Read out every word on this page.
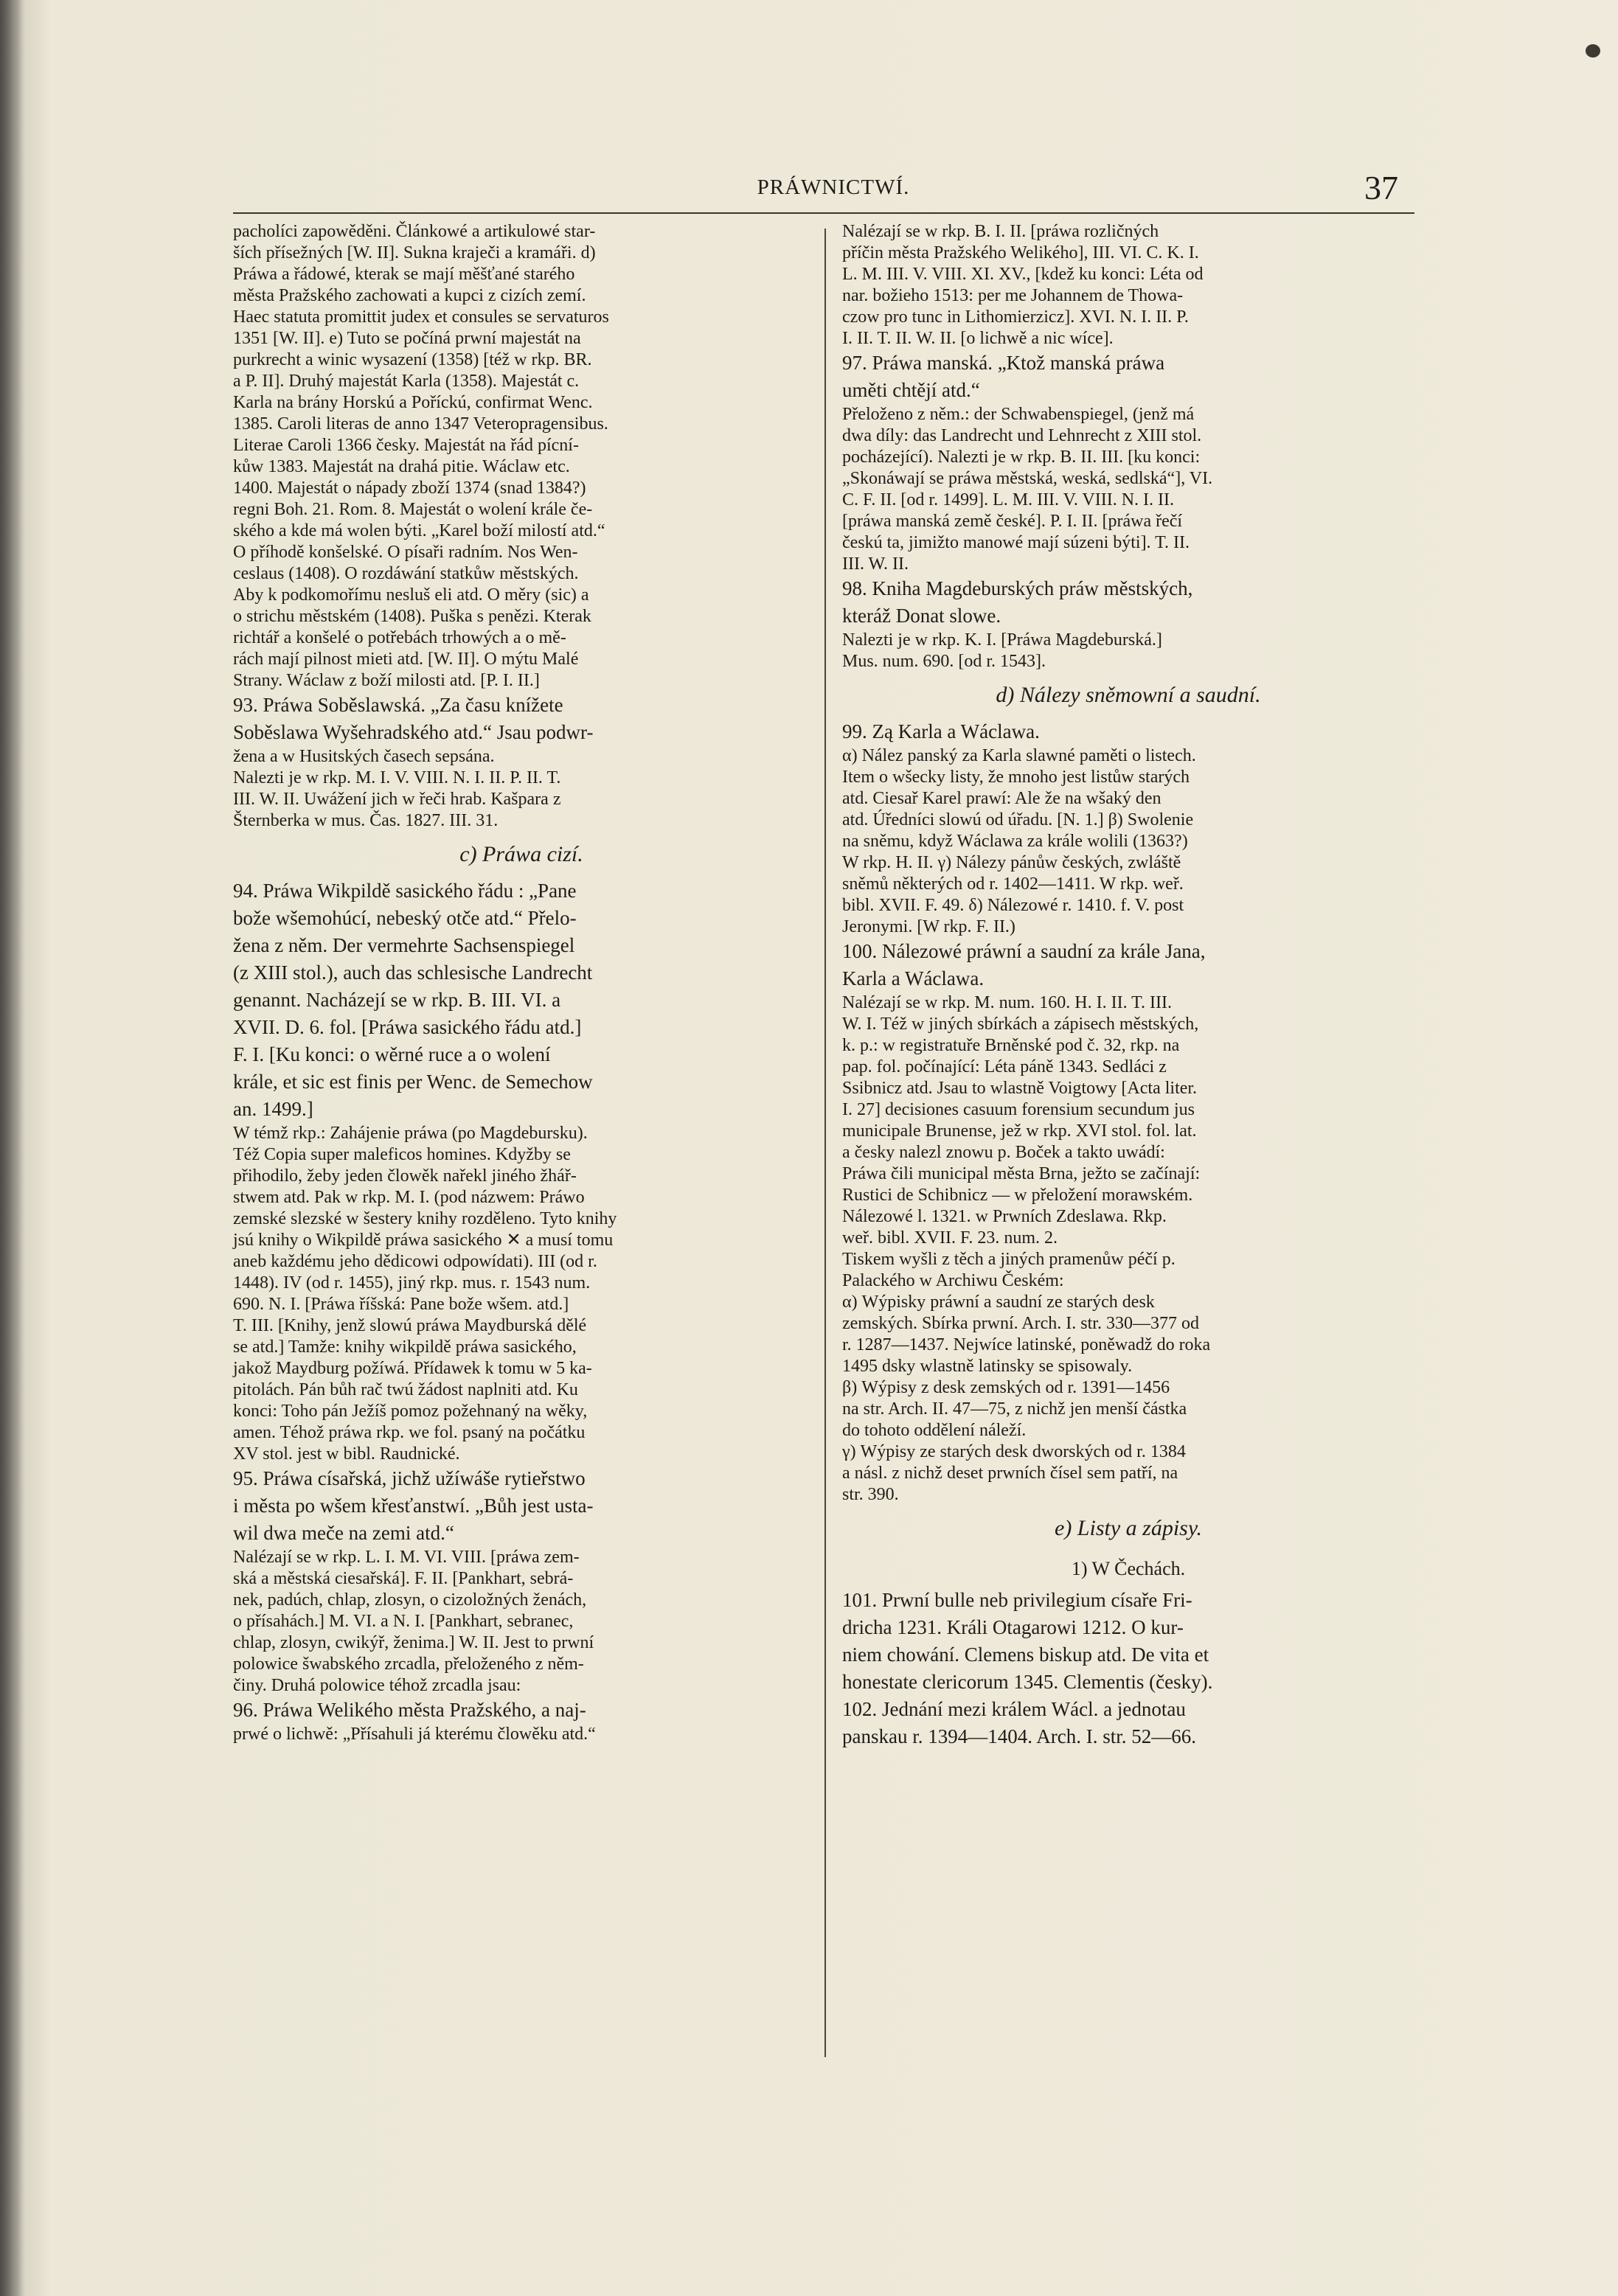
PRÁWNICTWÍ.	37

pacholíci zapowěděni. Článkowé a artikulowé star-

ších přísežných [W. II]. Sukna kraječi a kramáři. d)

Práwa a řádowé, kterak se mají měšťané starého

města Pražského zachowati a kupci z cizích zemí.

Haec statuta promittit judex et consules se servaturos

1351 [W. II]. e) Tuto se počíná prwní majestát na

purkrecht a winic wysazení (1358) [též w rkp. BR.

a P. II]. Druhý majestát Karla (1358). Majestát c.

Karla na brány Horskú a Poříckú, confirmat Wenc.

1385. Caroli literas de anno 1347 Veteropragensibus.

Literae Caroli 1366 česky. Majestát na řád pícní-

kůw 1383. Majestát na drahá pitie. Wáclaw etc.

1400. Majestát o nápady zboží 1374 (snad 1384?)

regni Boh. 21. Rom. 8. Majestát o wolení krále če-

ského a kde má wolen býti. „Karel boží milostí atd.“

O příhodě konšelské. O písaři radním. Nos Wen-

ceslaus (1408). O rozdáwání statkůw městských.

Aby k podkomořímu nesluš eli atd. O měry (sic) a

o strichu městském (1408). Puška s penězi. Kterak

richtář a konšelé o potřebách trhowých a o mě-

rách mají pilnost mieti atd. [W. II]. O mýtu Malé

Strany. Wáclaw z boží milosti atd. [P. I. II.]

93. Práwa Soběslawská. „Za času knížete

Soběslawa Wyšehradského atd.“ Jsau podwr-

žena a w Husitských časech sepsána.

Nalezti je w rkp. M. I. V. VIII. N. I. II. P. II. T.

III. W. II. Uwážení jich w řeči hrab. Kašpara z

Šternberka w mus. Čas. 1827. III. 31.

c) Práwa cizí.

94. Práwa Wikpildě sasického řádu : „Pane

bože wšemohúcí, nebeský otče atd.“ Přelo-

žena z něm. Der vermehrte Sachsenspiegel

(z XIII stol.), auch das schlesische Landrecht

genannt. Nacházejí se w rkp. B. III. VI. a

XVII. D. 6. fol. [Práwa sasického řádu atd.]

F. I. [Ku konci: o wěrné ruce a o wolení

krále, et sic est finis per Wenc. de Semechow

an. 1499.]

W témž rkp.: Zahájenie práwa (po Magdebursku).

Též Copia super maleficos homines. Kdyžby se

přihodilo, žeby jeden člowěk nařekl jiného žhář-

stwem atd. Pak w rkp. M. I. (pod názwem: Práwo

zemské slezské w šestery knihy rozděleno. Tyto knihy

jsú knihy o Wikpildě práwa sasického ✕ a musí tomu

aneb každému jeho dědicowi odpowídati). III (od r.

1448). IV (od r. 1455), jiný rkp. mus. r. 1543 num.

690. N. I. [Práwa říšská: Pane bože wšem. atd.]

T. III. [Knihy, jenž slowú práwa Maydburská dělé

se atd.] Tamže: knihy wikpildě práwa sasického,

jakož Maydburg požíwá. Přídawek k tomu w 5 ka-

pitolách. Pán bůh rač twú žádost naplniti atd. Ku

konci: Toho pán Ježíš pomoz požehnaný na wěky,

amen. Téhož práwa rkp. we fol. psaný na počátku

XV stol. jest w bibl. Raudnické.

95. Práwa císařská, jichž užíwáše rytieřstwo

i města po wšem křesťanstwí. „Bůh jest usta-

wil dwa meče na zemi atd.“

Nalézají se w rkp. L. I. M. VI. VIII. [práwa zem-

ská a městská ciesařská]. F. II. [Pankhart, sebrá-

nek, padúch, chlap, zlosyn, o cizoložných ženách,

o přísahách.] M. VI. a N. I. [Pankhart, sebranec,

chlap, zlosyn, cwikýř, ženima.] W. II. Jest to prwní

polowice šwabského zrcadla, přeloženého z něm-

činy. Druhá polowice téhož zrcadla jsau:

96. Práwa Welikého města Pražského, a naj-

prwé o lichwě: „Přísahuli já kterému člowěku atd.“

Nalézají se w rkp. B. I. II. [práwa rozličných

příčin města Pražského Welikého], III. VI. C. K. I.

L. M. III. V. VIII. XI. XV., [kdež ku konci: Léta od

nar. božieho 1513: per me Johannem de Thowa-

czow pro tunc in Lithomierzicz]. XVI. N. I. II. P.

I. II. T. II. W. II. [o lichwě a nic wíce].

97. Práwa manská. „Ktož manská práwa

uměti chtějí atd.“

Přeloženo z něm.: der Schwabenspiegel, (jenž má

dwa díly: das Landrecht und Lehnrecht z XIII stol.

pocházející). Nalezti je w rkp. B. II. III. [ku konci:

„Skonáwají se práwa městská, weská, sedlská“], VI.

C. F. II. [od r. 1499]. L. M. III. V. VIII. N. I. II.

[práwa manská země české]. P. I. II. [práwa řečí

českú ta, jimižto manowé mají súzeni býti]. T. II.

III. W. II.

98. Kniha Magdeburských práw městských,

kteráž Donat slowe.

Nalezti je w rkp. K. I. [Práwa Magdeburská.]

Mus. num. 690. [od r. 1543].

d) Nálezy sněmowní a saudní.

99. Zą Karla a Wáclawa.

α) Nález panský za Karla slawné paměti o listech.

Item o wšecky listy, že mnoho jest listůw starých

atd. Ciesař Karel prawí: Ale že na wšaký den

atd. Úředníci slowú od úřadu. [N. 1.] β) Swolenie

na sněmu, když Wáclawa za krále wolili (1363?)

W rkp. H. II. γ) Nálezy pánůw českých, zwláště

sněmů některých od r. 1402—1411. W rkp. weř.

bibl. XVII. F. 49. δ) Nálezowé r. 1410. f. V. post

Jeronymi. [W rkp. F. II.)

100. Nálezowé práwní a saudní za krále Jana,

Karla a Wáclawa.

Nalézají se w rkp. M. num. 160. H. I. II. T. III.

W. I. Též w jiných sbírkách a zápisech městských,

k. p.: w registratuře Brněnské pod č. 32, rkp. na

pap. fol. počínající: Léta páně 1343. Sedláci z

Ssibnicz atd. Jsau to wlastně Voigtowy [Acta liter.

I. 27] decisiones casuum forensium secundum jus

municipale Brunense, jež w rkp. XVI stol. fol. lat.

a česky nalezl znowu p. Boček a takto uwádí:

Práwa čili municipal města Brna, ježto se začínají:

Rustici de Schibnicz — w přeložení morawském.

Nálezowé l. 1321. w Prwních Zdeslawa. Rkp.

weř. bibl. XVII. F. 23. num. 2.

Tiskem wyšli z těch a jiných pramenůw péčí p.

Palackého w Archiwu Českém:

α) Wýpisky práwní a saudní ze starých desk

zemských. Sbírka prwní. Arch. I. str. 330—377 od

r. 1287—1437. Nejwíce latinské, poněwadž do roka

1495 dsky wlastně latinsky se spisowaly.

β) Wýpisy z desk zemských od r. 1391—1456

na str. Arch. II. 47—75, z nichž jen menší částka

do tohoto oddělení náleží.

γ) Wýpisy ze starých desk dworských od r. 1384

a násl. z nichž deset prwních čísel sem patří, na

str. 390.

e) Listy a zápisy.

1) W Čechách.

101. Prwní bulle neb privilegium císaře Fri-

dricha 1231. Králi Otagarowi 1212. O kur-

niem chowání. Clemens biskup atd. De vita et

honestate clericorum 1345. Clementis (česky).

102. Jednání mezi králem Wácl. a jednotau

panskau r. 1394—1404. Arch. I. str. 52—66.
